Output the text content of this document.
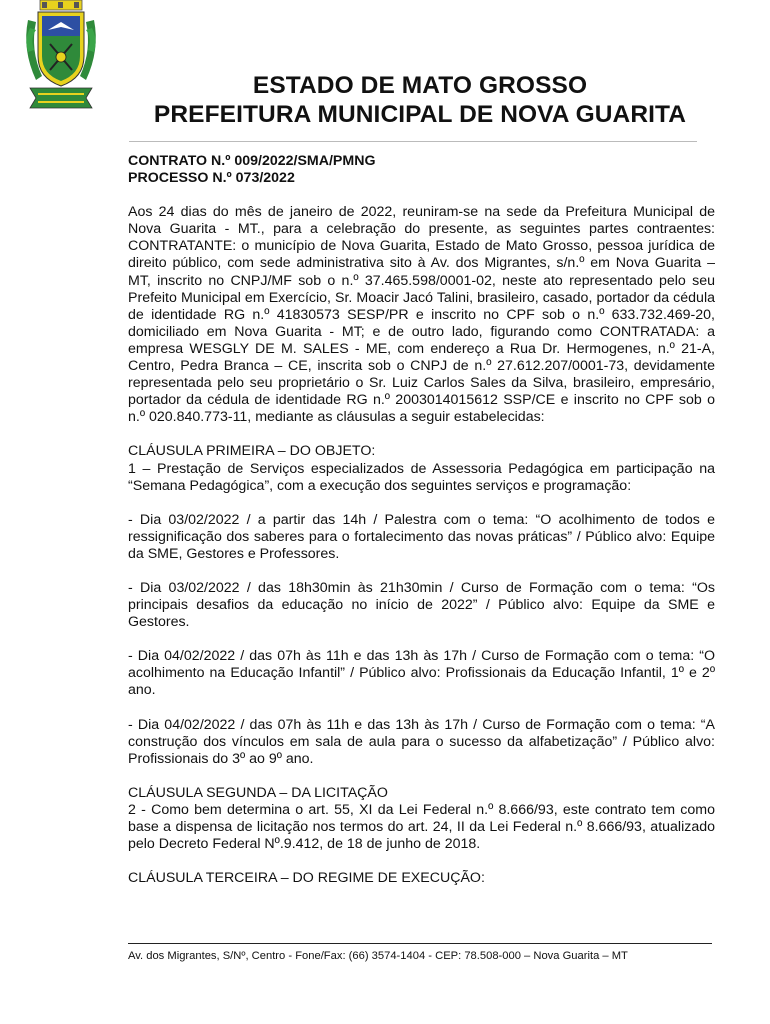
ESTADO DE MATO GROSSO
PREFEITURA MUNICIPAL DE NOVA GUARITA

CONTRATO N.º 009/2022/SMA/PMNG

PROCESSO N.º 073/2022

Aos 24 dias do mês de janeiro de 2022, reuniram-se na sede da Prefeitura Municipal de Nova Guarita - MT., para a celebração do presente, as seguintes partes contraentes: CONTRATANTE: o município de Nova Guarita, Estado de Mato Grosso, pessoa jurídica de direito público, com sede administrativa sito à Av. dos Migrantes, s/n.º em Nova Guarita – MT, inscrito no CNPJ/MF sob o n.º 37.465.598/0001-02, neste ato representado pelo seu Prefeito Municipal em Exercício, Sr. Moacir Jacó Talini, brasileiro, casado, portador da cédula de identidade RG n.º 41830573 SESP/PR e inscrito no CPF sob o n.º 633.732.469-20, domiciliado em Nova Guarita - MT; e de outro lado, figurando como CONTRATADA: a empresa WESGLY DE M. SALES - ME, com endereço a Rua Dr. Hermogenes, n.º 21-A, Centro, Pedra Branca – CE, inscrita sob o CNPJ de n.º 27.612.207/0001-73, devidamente representada pelo seu proprietário o Sr. Luiz Carlos Sales da Silva, brasileiro, empresário, portador da cédula de identidade RG n.º 2003014015612 SSP/CE e inscrito no CPF sob o n.º 020.840.773-11, mediante as cláusulas a seguir estabelecidas:

CLÁUSULA PRIMEIRA – DO OBJETO:

1 – Prestação de Serviços especializados de Assessoria Pedagógica em participação na “Semana Pedagógica”, com a execução dos seguintes serviços e programação:

- Dia 03/02/2022 / a partir das 14h / Palestra com o tema: “O acolhimento de todos e ressignificação dos saberes para o fortalecimento das novas práticas” / Público alvo: Equipe da SME, Gestores e Professores.

- Dia 03/02/2022 / das 18h30min às 21h30min / Curso de Formação com o tema: “Os principais desafios da educação no início de 2022” / Público alvo: Equipe da SME e Gestores.

- Dia 04/02/2022 / das 07h às 11h e das 13h às 17h / Curso de Formação com o tema: “O acolhimento na Educação Infantil” / Público alvo: Profissionais da Educação Infantil, 1º e 2º ano.

- Dia 04/02/2022 / das 07h às 11h e das 13h às 17h / Curso de Formação com o tema: “A construção dos vínculos em sala de aula para o sucesso da alfabetização” / Público alvo: Profissionais do 3º ao 9º ano.

CLÁUSULA SEGUNDA – DA LICITAÇÃO

2 - Como bem determina o art. 55, XI da Lei Federal n.º 8.666/93, este contrato tem como base a dispensa de licitação nos termos do art. 24, II da Lei Federal n.º 8.666/93, atualizado pelo Decreto Federal Nº.9.412, de 18 de junho de 2018.

CLÁUSULA TERCEIRA – DO REGIME DE EXECUÇÃO:

Av. dos Migrantes, S/Nº, Centro - Fone/Fax: (66) 3574-1404 - CEP: 78.508-000 – Nova Guarita – MT
